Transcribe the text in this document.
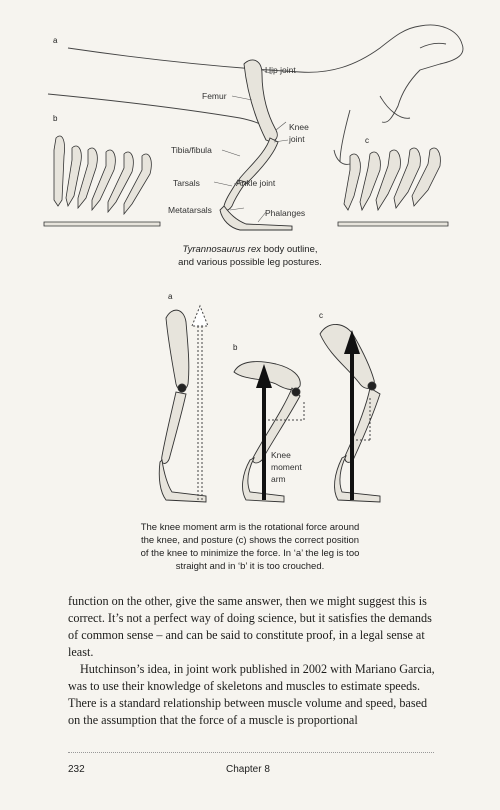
a
b
c
Hip joint
Femur
Knee
joint
Tibia/fibula
Tarsals	Ankle joint
Metatarsals	Phalanges
Tyrannosaurus rex body outline,
and various possible leg postures.
a
b
c
Knee
moment
arm
The knee moment arm is the rotational force around
the knee, and posture (c) shows the correct position
of the knee to minimize the force. In ‘a’ the leg is too
straight and in ‘b’ it is too crouched.

function on the other, give the same answer, then we might suggest this is correct. It’s not a perfect way of doing science, but it satisfies the demands of common sense – and can be said to constitute proof, in a legal sense at least.

Hutchinson’s idea, in joint work published in 2002 with Mariano Garcia, was to use their knowledge of skeletons and muscles to estimate speeds. There is a standard relationship between muscle volume and speed, based on the assumption that the force of a muscle is proportional

232	Chapter 8
